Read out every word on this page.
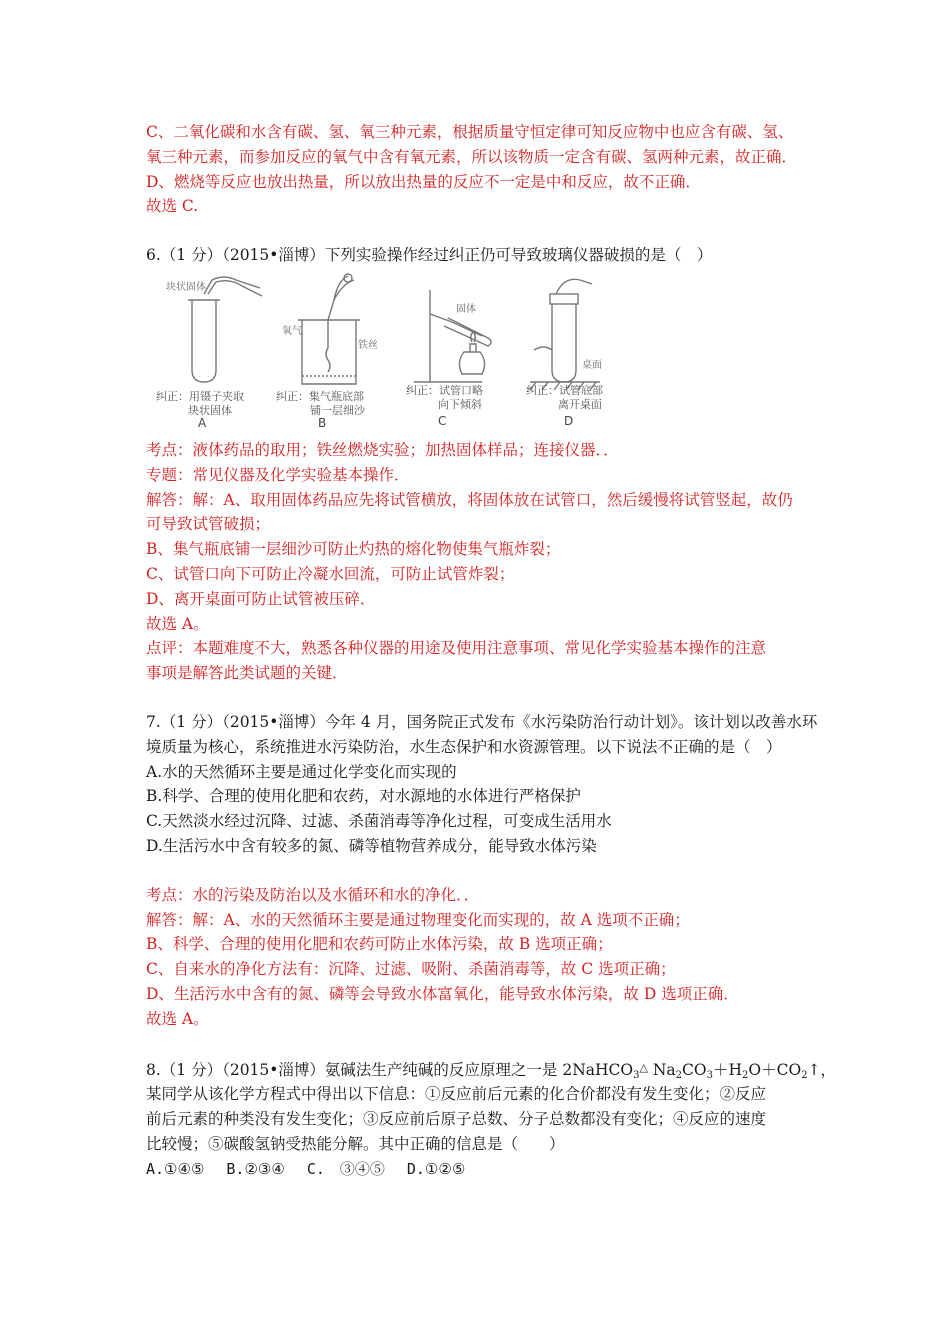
C、二氧化碳和水含有碳、氢、氧三种元素，根据质量守恒定律可知反应物中也应含有碳、氢、
氧三种元素，而参加反应的氧气中含有氧元素，所以该物质一定含有碳、氢两种元素，故正确．
D、燃烧等反应也放出热量，所以放出热量的反应不一定是中和反应，故不正确．
故选 C.
6.（1 分）（2015•淄博）下列实验操作经过纠正仍可导致玻璃仪器破损的是（　）
块状固体
纠正：用镊子夹取
块状固体
A
氧气
铁丝
纠正：集气瓶底部
铺一层细沙
B
固体
纠正：试管口略
向下倾斜
C
桌面
纠正：试管底部
离开桌面
D
考点：液体药品的取用；铁丝燃烧实验；加热固体样品；连接仪器．．
专题：常见仪器及化学实验基本操作．
解答：解：A、取用固体药品应先将试管横放，将固体放在试管口，然后缓慢将试管竖起，故仍
可导致试管破损；
B、集气瓶底铺一层细沙可防止灼热的熔化物使集气瓶炸裂；
C、试管口向下可防止冷凝水回流，可防止试管炸裂；
D、离开桌面可防止试管被压碎．
故选 A。
点评：本题难度不大，熟悉各种仪器的用途及使用注意事项、常见化学实验基本操作的注意
事项是解答此类试题的关键．
7.（1 分）（2015•淄博）今年 4 月，国务院正式发布《水污染防治行动计划》。该计划以改善水环
境质量为核心，系统推进水污染防治，水生态保护和水资源管理。以下说法不正确的是（　）
A.水的天然循环主要是通过化学变化而实现的
B.科学、合理的使用化肥和农药，对水源地的水体进行严格保护
C.天然淡水经过沉降、过滤、杀菌消毒等净化过程，可变成生活用水
D.生活污水中含有较多的氮、磷等植物营养成分，能导致水体污染
考点：水的污染及防治以及水循环和水的净化．．
解答：解：A、水的天然循环主要是通过物理变化而实现的，故 A 选项不正确；
B、科学、合理的使用化肥和农药可防止水体污染，故 B 选项正确；
C、自来水的净化方法有：沉降、过滤、吸附、杀菌消毒等，故 C 选项正确；
D、生活污水中含有的氮、磷等会导致水体富氧化，能导致水体污染，故 D 选项正确．
故选 A。
8.（1 分）（2015•淄博）氨碱法生产纯碱的反应原理之一是 2NaHCO$_3$△ $Na_2CO_3+H_2O+CO_2↑$，
某同学从该化学方程式中得出以下信息：①反应前后元素的化合价都没有发生变化；②反应
前后元素的种类没有发生变化；③反应前后原子总数、分子总数都没有变化；④反应的速度
比较慢；⑤碳酸氢钠受热能分解。其中正确的信息是（　　）
A.①④⑤ B.②③④ C.　③④⑤ D.①②⑤
